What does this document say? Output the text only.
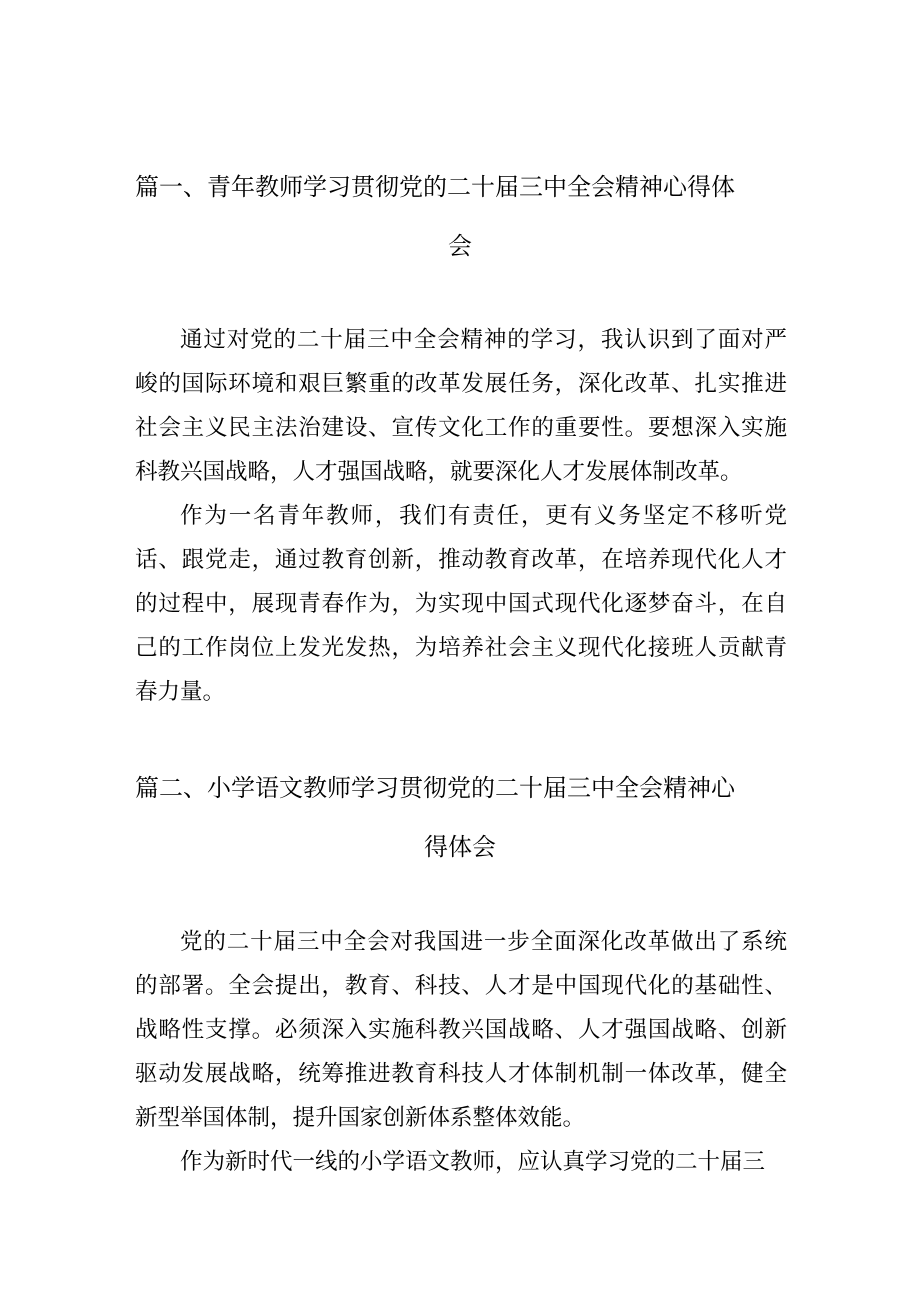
篇一、青年教师学习贯彻党的二十届三中全会精神心得体
会

通过对党的二十届三中全会精神的学习，我认识到了面对严峻的国际环境和艰巨繁重的改革发展任务，深化改革、扎实推进社会主义民主法治建设、宣传文化工作的重要性。要想深入实施科教兴国战略，人才强国战略，就要深化人才发展体制改革。

作为一名青年教师，我们有责任，更有义务坚定不移听党话、跟党走，通过教育创新，推动教育改革，在培养现代化人才的过程中，展现青春作为，为实现中国式现代化逐梦奋斗，在自己的工作岗位上发光发热，为培养社会主义现代化接班人贡献青春力量。

篇二、小学语文教师学习贯彻党的二十届三中全会精神心
得体会

党的二十届三中全会对我国进一步全面深化改革做出了系统的部署。全会提出，教育、科技、人才是中国现代化的基础性、战略性支撑。必须深入实施科教兴国战略、人才强国战略、创新驱动发展战略，统筹推进教育科技人才体制机制一体改革，健全新型举国体制，提升国家创新体系整体效能。

作为新时代一线的小学语文教师，应认真学习党的二十届三
